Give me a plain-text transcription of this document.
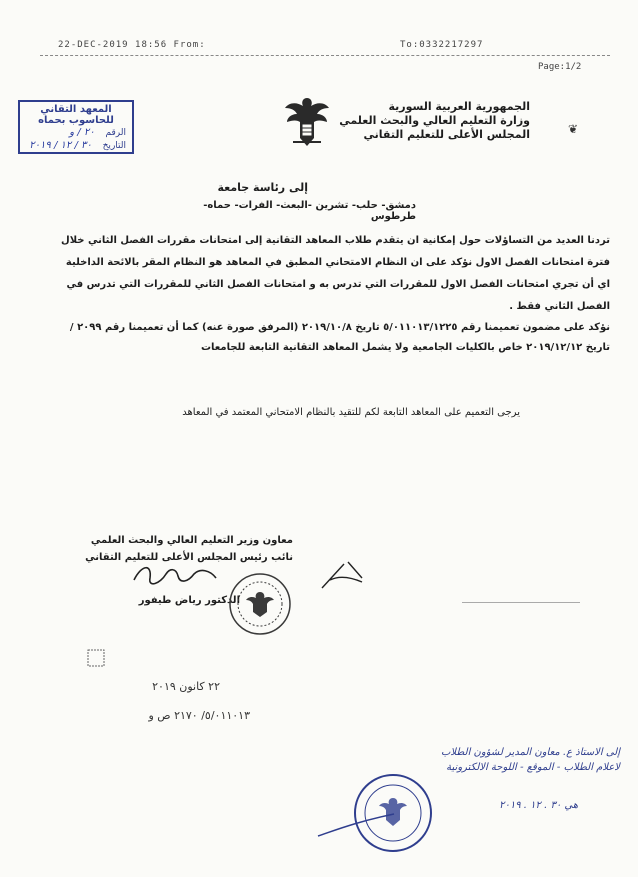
22-DEC-2019 18:56 From:	To:0332217297
Page:1/2
المعهد التقاني للحاسوب بحماه
الرقم ٢٠ / و
التاريخ ٣٠ / ١٢ / ٢٠١٩
الجمهورية العربية السورية
وزارة التعليم العالي والبحث العلمي
المجلس الأعلى للتعليم التقاني	❦
إلى رئاسة جامعة
دمشق- حلب- تشرين -البعث- الفرات- حماه- طرطوس
تردنا العديد من التساؤلات حول إمكانية ان يتقدم طلاب المعاهد التقانية إلى امتحانات مقررات الفصل الثاني خلال فترة امتحانات الفصل الاول نؤكد على ان النظام الامتحاني المطبق في المعاهد هو النظام المقر بالائحة الداخلية اي أن تجري امتحانات الفصل الاول للمقررات التي تدرس به و امتحانات الفصل الثاني للمقررات التي تدرس في الفصل الثاني فقط .
نؤكد على مضمون تعميمنا رقم ٥/٠١١٠١٣/١٢٢٥ تاريخ ٢٠١٩/١٠/٨ (المرفق صورة عنه) كما أن تعميمنا رقم ٢٠٩٩ / تاريخ ٢٠١٩/١٢/١٢ خاص بالكليات الجامعية ولا يشمل المعاهد التقانية التابعة للجامعات
يرجى التعميم على المعاهد التابعة لكم للتقيد بالنظام الامتحاني المعتمد في المعاهد
معاون وزير التعليم العالي والبحث العلمي
نائب رئيس المجلس الأعلى للتعليم التقاني
الدكتور رياض طيفور
٢٢ كانون ٢٠١٩
٥/٠١١٠١٣/ ٢١٧٠ ص و
إلى الاستاذ ع. معاون المدير لشؤون الطلاب
لاعلام الطلاب - الموقع - اللوحة الالكترونية
هي ٣٠ . ١٢ . ٢٠١٩
